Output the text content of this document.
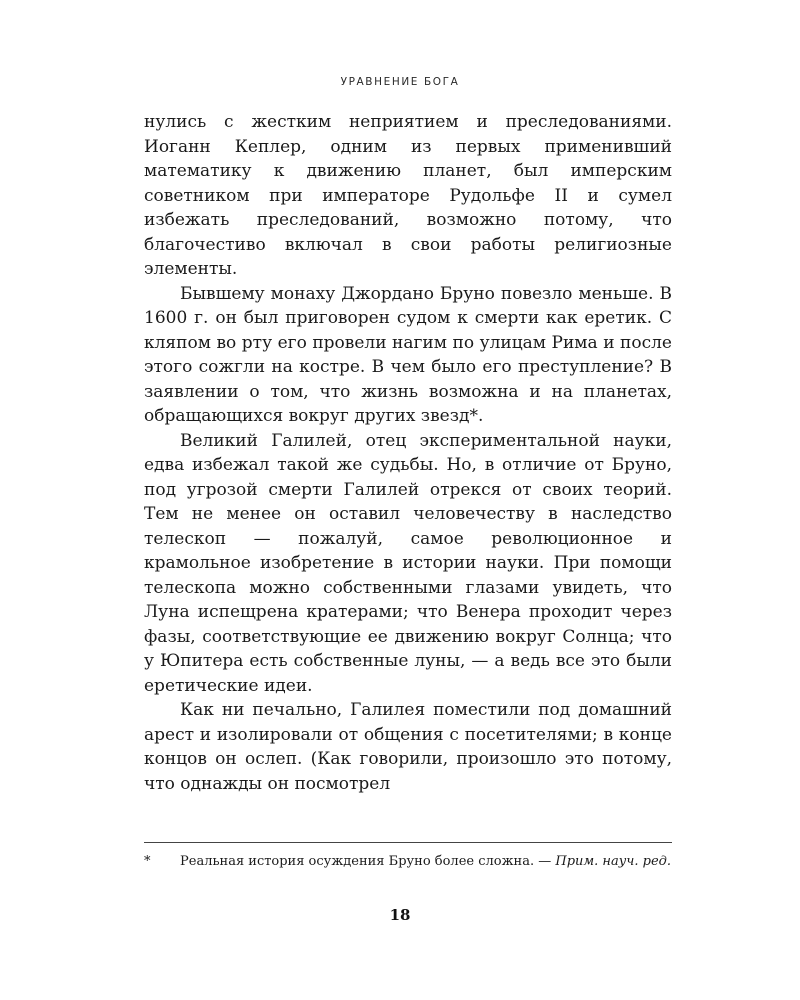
УРАВНЕНИЕ БОГА

нулись с жестким неприятием и преследованиями. Иоганн Кеплер, одним из первых применивший математику к движению планет, был имперским советником при императоре Рудольфе II и сумел избежать преследований, возможно потому, что благочестиво включал в свои работы религиозные элементы.

Бывшему монаху Джордано Бруно повезло меньше. В 1600 г. он был приговорен судом к смерти как еретик. С кляпом во рту его провели нагим по улицам Рима и после этого сожгли на костре. В чем было его преступление? В заявлении о том, что жизнь возможна и на планетах, обращающихся вокруг других звезд*.

Великий Галилей, отец экспериментальной науки, едва избежал такой же судьбы. Но, в отличие от Бруно, под угрозой смерти Галилей отрекся от своих теорий. Тем не менее он оставил человечеству в наследство телескоп — пожалуй, самое революционное и крамольное изобретение в истории науки. При помощи телескопа можно собственными глазами увидеть, что Луна испещрена кратерами; что Венера проходит через фазы, соответствующие ее движению вокруг Солнца; что у Юпитера есть собственные луны, — а ведь все это были еретические идеи.

Как ни печально, Галилея поместили под домашний арест и изолировали от общения с посетителями; в конце концов он ослеп. (Как говорили, произошло это потому, что однажды он посмотрел

* Реальная история осуждения Бруно более сложна. — Прим. науч. ред.
18
